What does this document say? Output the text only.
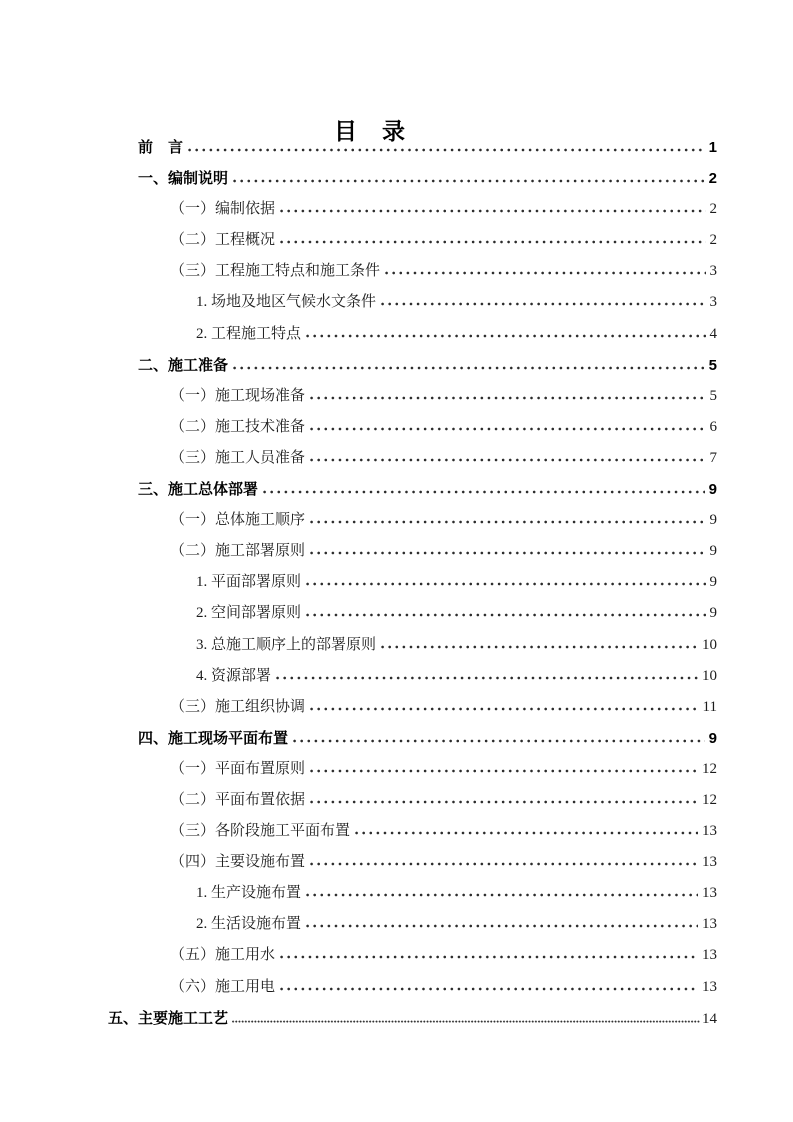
目　录
前　言	1
一、编制说明	2
（一）编制依据	2
（二）工程概况	2
（三）工程施工特点和施工条件	3
1. 场地及地区气候水文条件	3
2. 工程施工特点	4
二、施工准备	5
（一）施工现场准备	5
（二）施工技术准备	6
（三）施工人员准备	7
三、施工总体部署	9
（一）总体施工顺序	9
（二）施工部署原则	9
1. 平面部署原则	9
2. 空间部署原则	9
3. 总施工顺序上的部署原则	10
4. 资源部署	10
（三）施工组织协调	11
四、施工现场平面布置	9
（一）平面布置原则	12
（二）平面布置依据	12
（三）各阶段施工平面布置	13
（四）主要设施布置	13
1. 生产设施布置	13
2. 生活设施布置	13
（五）施工用水	13
（六）施工用电	13
五、主要施工工艺	14
